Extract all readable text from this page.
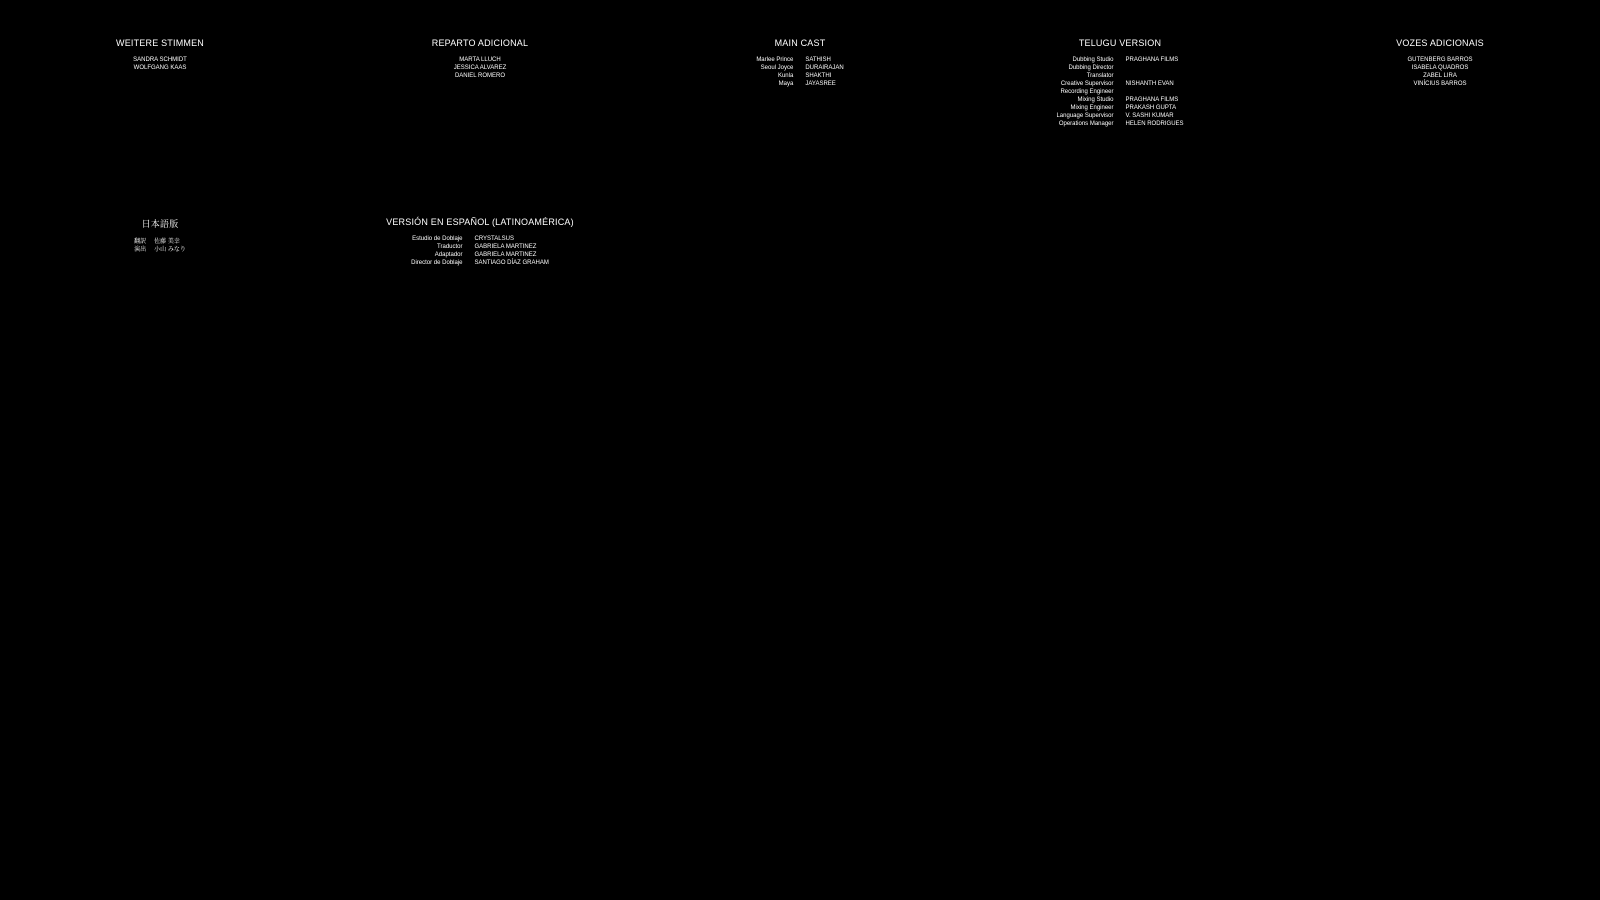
WEITERE STIMMEN
SANDRA SCHMIDT
WOLFGANG KAAS
REPARTO ADICIONAL
MARTA LLUCH
JESSICA ALVAREZ
DANIEL ROMERO
MAIN CAST
Marlee Prince SATHISH
Seoul Joyce DURAIRAJAN
Kunla SHAKTHI
Maya JAYASREE
TELUGU VERSION
Dubbing Studio PRAGHANA FILMS
Dubbing Director
Translator
Creative Supervisor NISHANTH EVAN
Recording Engineer
Mixing Studio PRAGHANA FILMS
Mixing Engineer PRAKASH GUPTA
Language Supervisor V. SASHI KUMAR
Operations Manager HELEN RODRIGUES
VOZES ADICIONAIS
GUTENBERG BARROS
ISABELA QUADROS
ZABEL LIRA
VINÍCIUS BARROS
日本語版
翻訳 佐藤 美幸
演出 小山 みなり
VERSIÓN EN ESPAÑOL (LATINOAMÉRICA)
Estudio de Doblaje CRYSTALSUS
Traductor GABRIELA MARTINEZ
Adaptador GABRIELA MARTINEZ
Director de Doblaje SANTIAGO DÍAZ GRAHAM
